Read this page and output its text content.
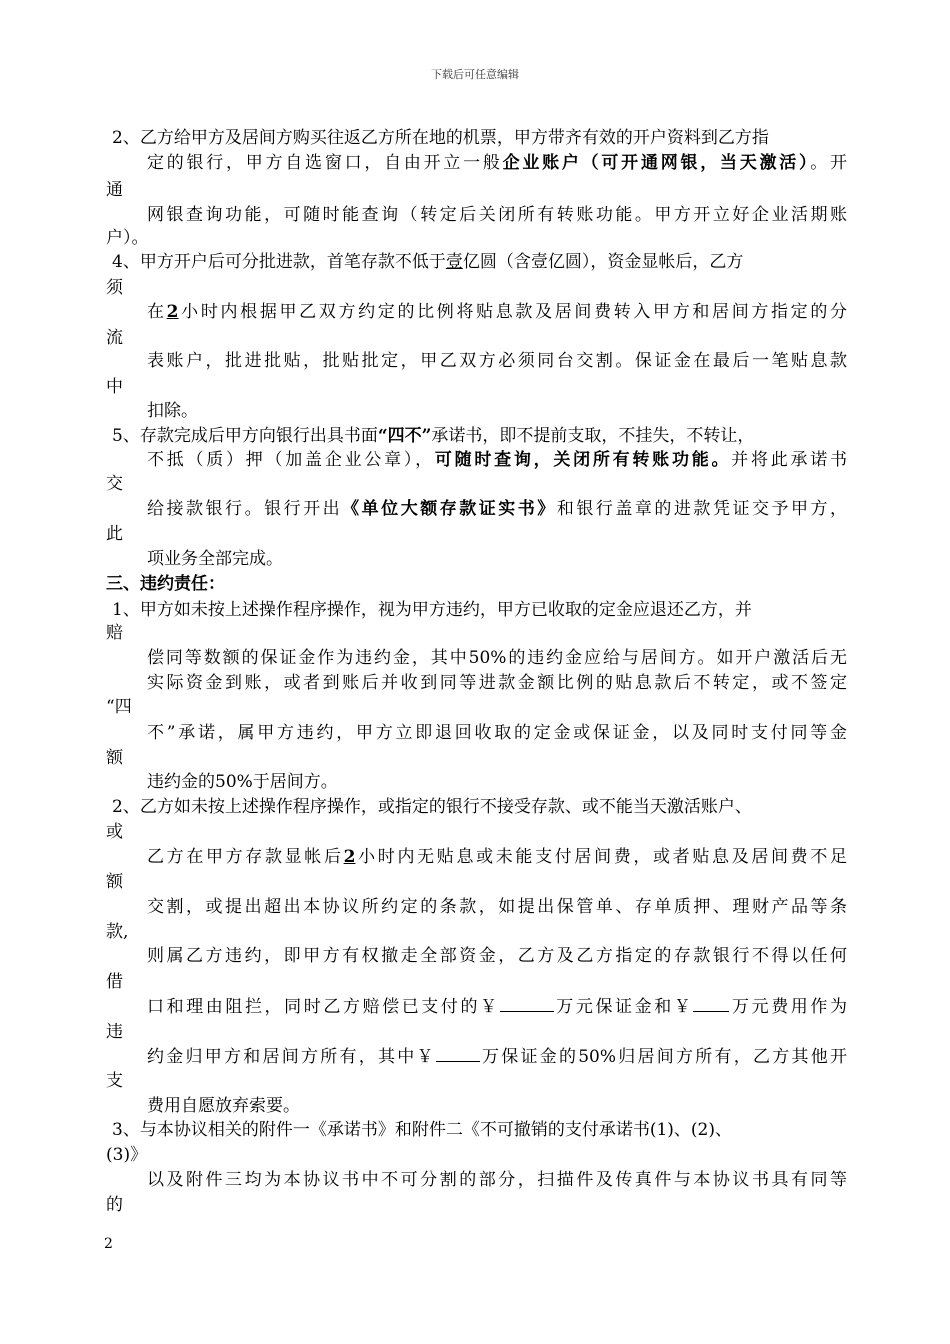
下载后可任意编辑
2、乙方给甲方及居间方购买往返乙方所在地的机票，甲方带齐有效的开户资料到乙方指
定的银行，甲方自选窗口，自由开立一般企业账户（可开通网银，当天激活）。开
通
网银查询功能，可随时能查询（转定后关闭所有转账功能。甲方开立好企业活期账
户）。
4、甲方开户后可分批进款，首笔存款不低于壹亿圆（含壹亿圆），资金显帐后，乙方
须
在2小时内根据甲乙双方约定的比例将贴息款及居间费转入甲方和居间方指定的分
流
表账户，批进批贴，批贴批定，甲乙双方必须同台交割。保证金在最后一笔贴息款
中
扣除。
5、存款完成后甲方向银行出具书面“四不”承诺书，即不提前支取，不挂失，不转让，
不抵（质）押（加盖企业公章），可随时查询，关闭所有转账功能。并将此承诺书
交
给接款银行。银行开出《单位大额存款证实书》和银行盖章的进款凭证交予甲方，
此
项业务全部完成。
三、违约责任：
1、甲方如未按上述操作程序操作，视为甲方违约，甲方已收取的定金应退还乙方，并
赔
偿同等数额的保证金作为违约金，其中50%的违约金应给与居间方。如开户激活后无
实际资金到账，或者到账后并收到同等进款金额比例的贴息款后不转定，或不签定
“四
不”承诺，属甲方违约，甲方立即退回收取的定金或保证金，以及同时支付同等金
额
违约金的50%于居间方。
2、乙方如未按上述操作程序操作，或指定的银行不接受存款、或不能当天激活账户、
或
乙方在甲方存款显帐后2小时内无贴息或未能支付居间费，或者贴息及居间费不足
额
交割，或提出超出本协议所约定的条款，如提出保管单、存单质押、理财产品等条
款,
则属乙方违约，即甲方有权撤走全部资金，乙方及乙方指定的存款银行不得以任何
借
口和理由阻拦，同时乙方赔偿已支付的￥	万元保证金和￥ 万元费用作为
违
约金归甲方和居间方所有，其中￥	万保证金的50%归居间方所有，乙方其他开
支
费用自愿放弃索要。
3、与本协议相关的附件一《承诺书》和附件二《不可撤销的支付承诺书(1)、(2)、
(3)》
以及附件三均为本协议书中不可分割的部分，扫描件及传真件与本协议书具有同等
的
2
